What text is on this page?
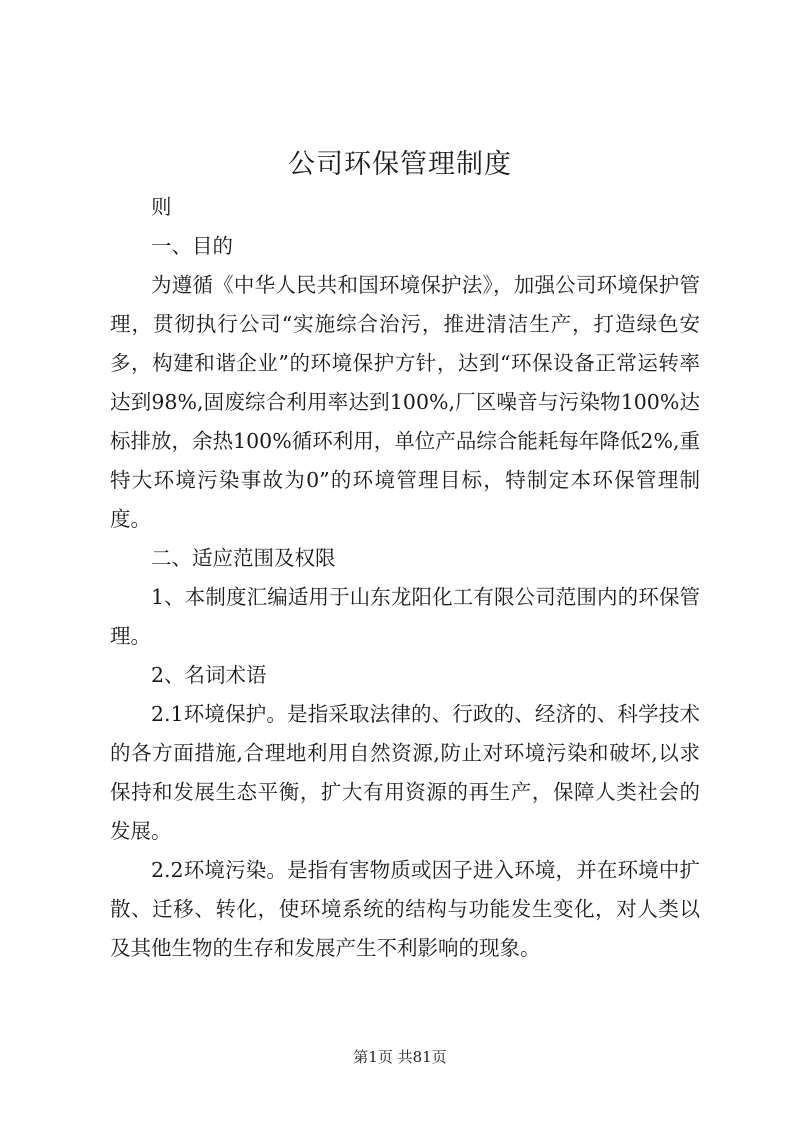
公司环保管理制度

则

一、目的

为遵循《中华人民共和国环境保护法》，加强公司环境保护管理，贯彻执行公司“实施综合治污，推进清洁生产，打造绿色安多，构建和谐企业”的环境保护方针，达到“环保设备正常运转率达到98%,固废综合利用率达到100%,厂区噪音与污染物100%达标排放，余热100%循环利用，单位产品综合能耗每年降低2%,重特大环境污染事故为0”的环境管理目标，特制定本环保管理制度。

二、适应范围及权限

1、本制度汇编适用于山东龙阳化工有限公司范围内的环保管理。

2、名词术语

2.1环境保护。是指采取法律的、行政的、经济的、科学技术的各方面措施,合理地利用自然资源,防止对环境污染和破坏,以求保持和发展生态平衡，扩大有用资源的再生产，保障人类社会的发展。

2.2环境污染。是指有害物质或因子进入环境，并在环境中扩散、迁移、转化，使环境系统的结构与功能发生变化，对人类以及其他生物的生存和发展产生不利影响的现象。

第1页 共81页
